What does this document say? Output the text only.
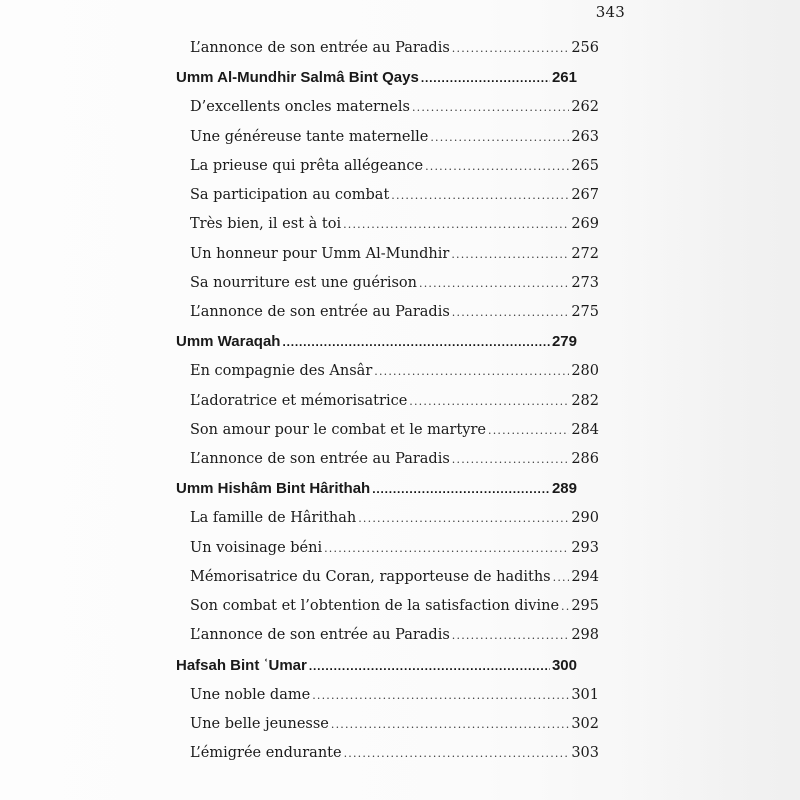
343
L’annonce de son entrée au Paradis .....	256
Umm Al-Mundhir Salmâ Bint Qays .....	261
D’excellents oncles maternels .....	262
Une généreuse tante maternelle .....	263
La prieuse qui prêta allégeance .....	265
Sa participation au combat .....	267
Très bien, il est à toi .....	269
Un honneur pour Umm Al-Mundhir .....	272
Sa nourriture est une guérison .....	273
L’annonce de son entrée au Paradis .....	275
Umm Waraqah .....	279
En compagnie des Ansâr .....	280
L’adoratrice et mémorisatrice .....	282
Son amour pour le combat et le martyre .....	284
L’annonce de son entrée au Paradis .....	286
Umm Hishâm Bint Hârithah .....	289
La famille de Hârithah .....	290
Un voisinage béni .....	293
Mémorisatrice du Coran, rapporteuse de hadiths ..... 294
Son combat et l’obtention de la satisfaction divine ..... 295
L’annonce de son entrée au Paradis .....	298
Hafsah Bint ʿUmar .....	300
Une noble dame .....	301
Une belle jeunesse .....	302
L’émigrée endurante .....	303
